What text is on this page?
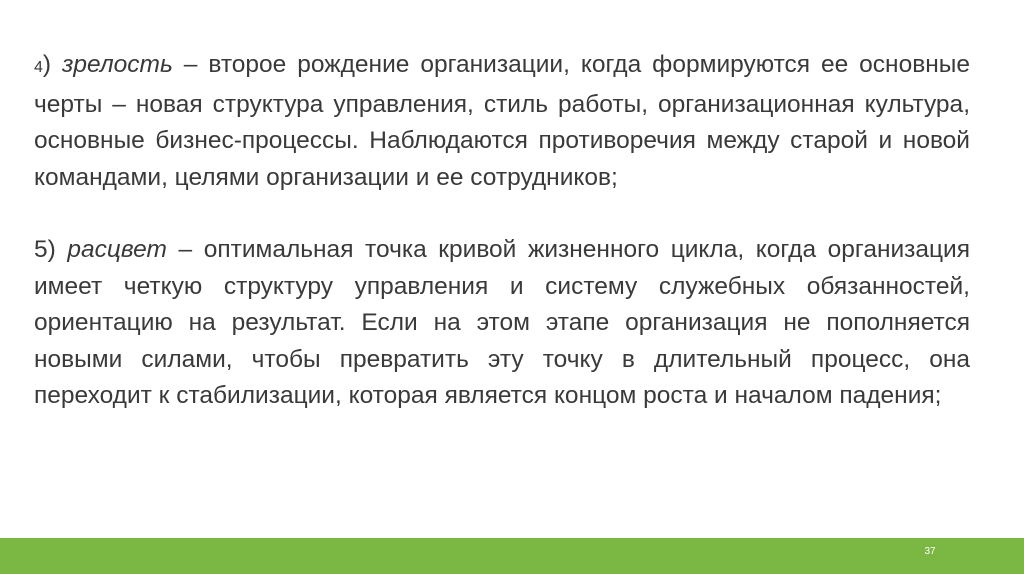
4) зрелость – второе рождение организации, когда формируются ее основные черты – новая структура управления, стиль работы, организационная культура, основные бизнес-процессы. Наблюдаются противоречия между старой и новой командами, целями организации и ее сотрудников;

5) расцвет – оптимальная точка кривой жизненного цикла, когда организация имеет четкую структуру управления и систему служебных обязанностей, ориентацию на результат. Если на этом этапе организация не пополняется новыми силами, чтобы превратить эту точку в длительный процесс, она переходит к стабилизации, которая является концом роста и началом падения;

37
